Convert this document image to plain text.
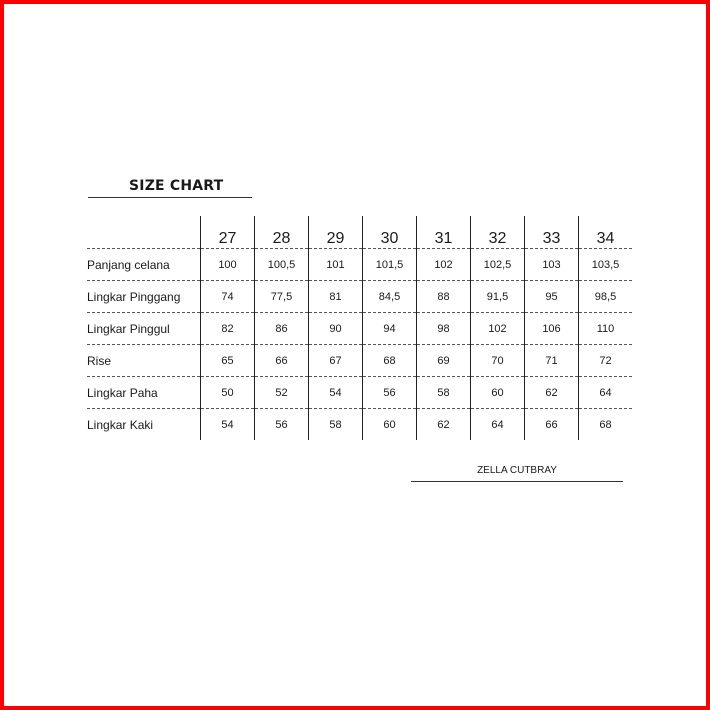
SIZE CHART
	27	28	29	30	31	32	33	34
Panjang celana	100	100,5	101	101,5	102	102,5	103	103,5
Lingkar Pinggang	74	77,5	81	84,5	88	91,5	95	98,5
Lingkar Pinggul	82	86	90	94	98	102	106	110
Rise	65	66	67	68	69	70	71	72
Lingkar Paha	50	52	54	56	58	60	62	64
Lingkar Kaki	54	56	58	60	62	64	66	68
ZELLA CUTBRAY
